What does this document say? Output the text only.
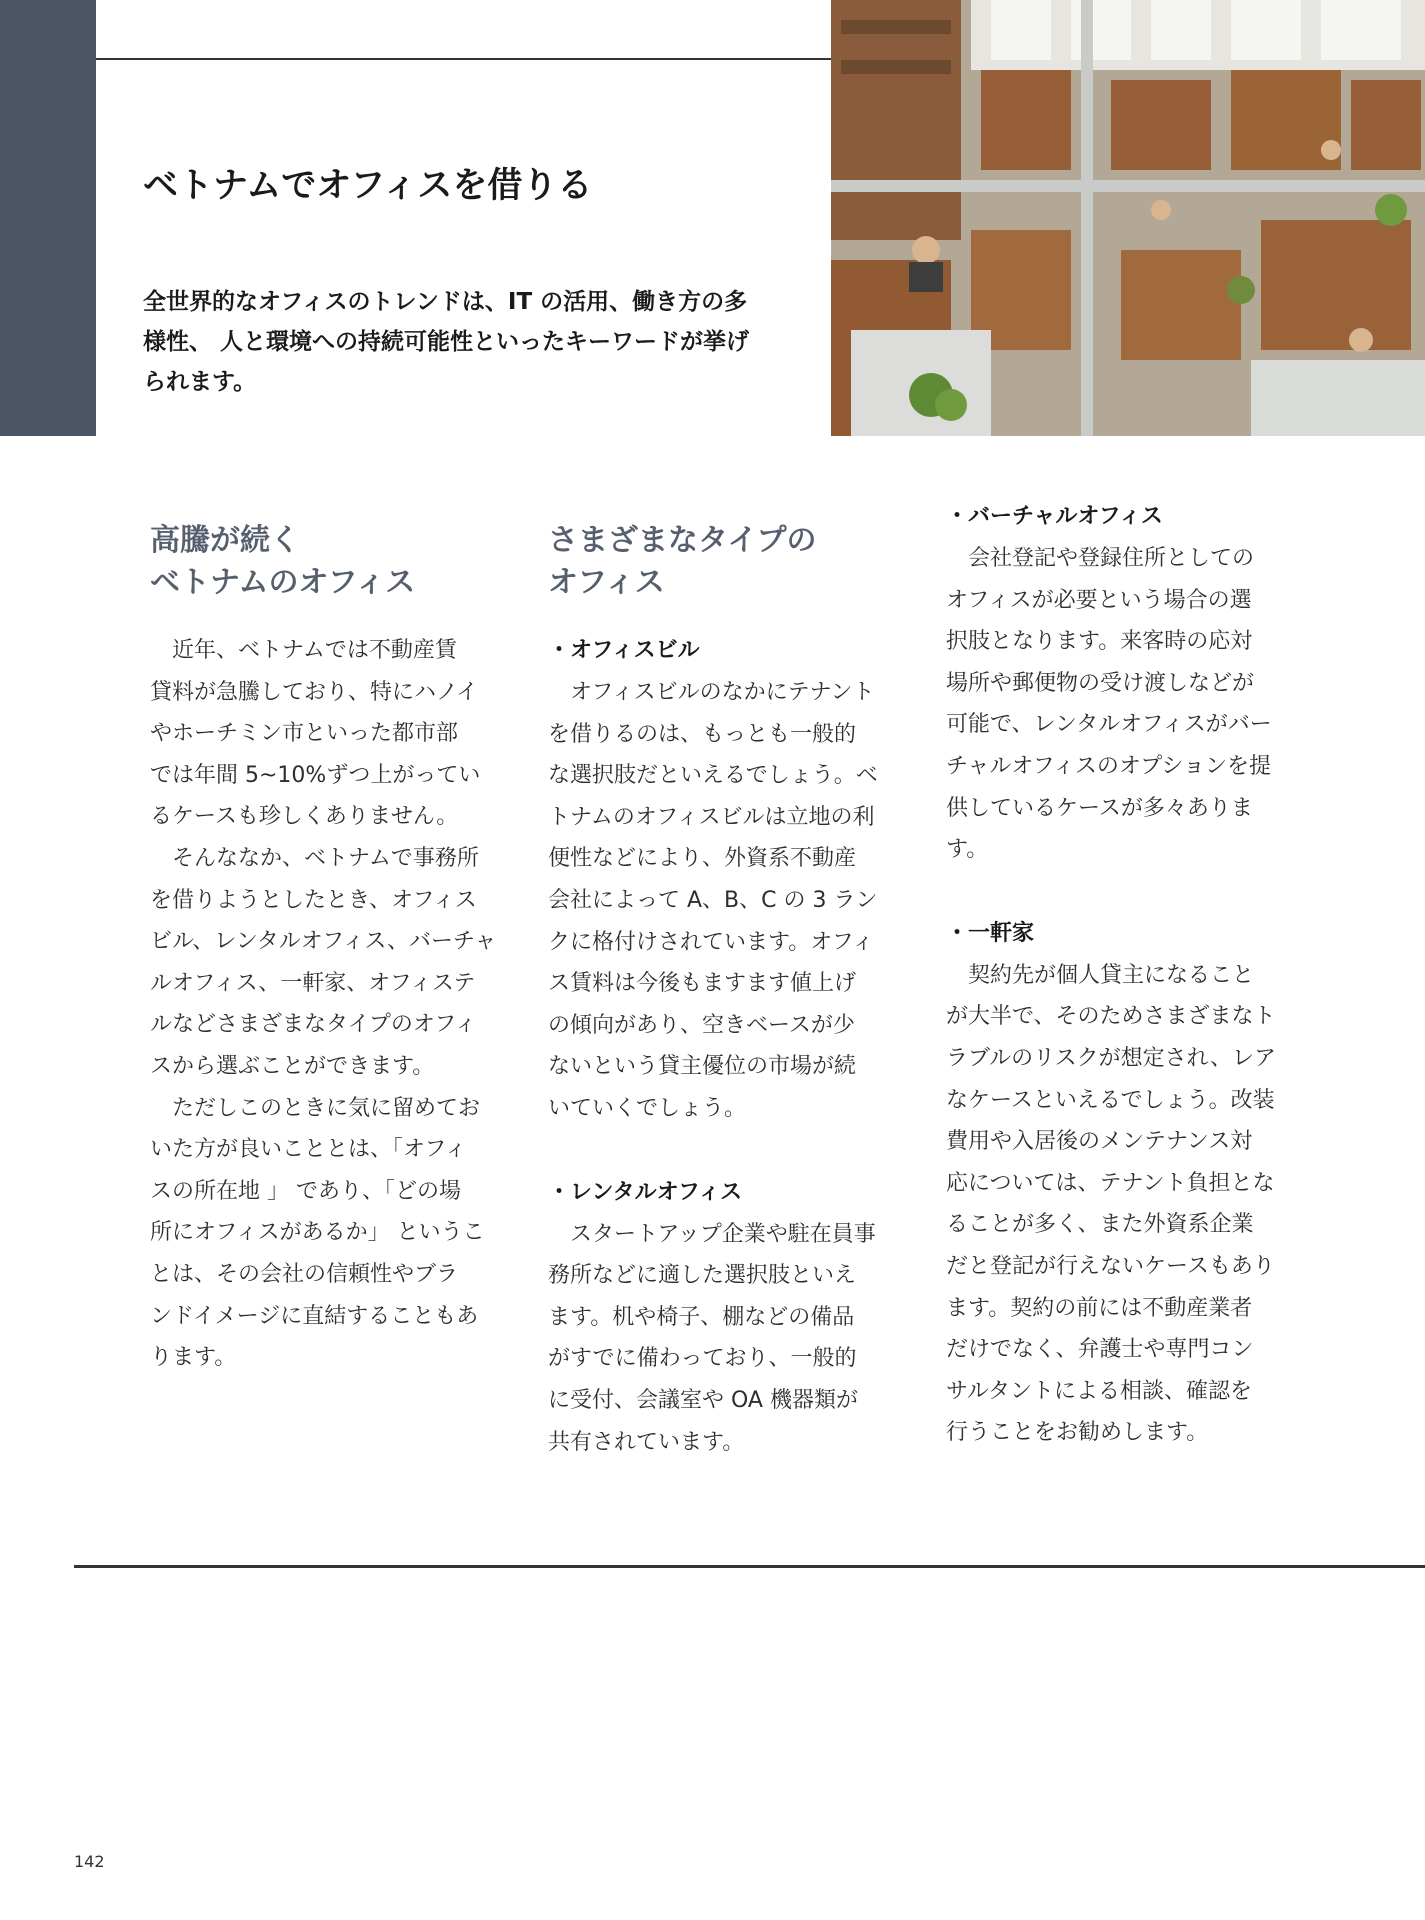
ベトナムでオフィスを借りる

全世界的なオフィスのトレンドは、IT の活用、働き方の多
様性、 人と環境への持続可能性といったキーワードが挙げ
られます。

高騰が続く
ベトナムのオフィス

　近年、ベトナムでは不動産賃
貸料が急騰しており、特にハノイ
やホーチミン市といった都市部
では年間 5~10%ずつ上がってい
るケースも珍しくありません。
　そんななか、ベトナムで事務所
を借りようとしたとき、オフィス
ビル、レンタルオフィス、バーチャ
ルオフィス、一軒家、オフィステ
ルなどさまざまなタイプのオフィ
スから選ぶことができます。
　ただしこのときに気に留めてお
いた方が良いこととは、「オフィ
スの所在地 」 であり、「どの場
所にオフィスがあるか」 というこ
とは、その会社の信頼性やブラ
ンドイメージに直結することもあ
ります。

さまざまなタイプの
オフィス
・オフィスビル

　オフィスビルのなかにテナント
を借りるのは、もっとも一般的
な選択肢だといえるでしょう。ベ
トナムのオフィスビルは立地の利
便性などにより、外資系不動産
会社によって A、B、C の 3 ラン
クに格付けされています。オフィ
ス賃料は今後もますます値上げ
の傾向があり、空きベースが少
ないという貸主優位の市場が続
いていくでしょう。

・レンタルオフィス

　スタートアップ企業や駐在員事
務所などに適した選択肢といえ
ます。机や椅子、棚などの備品
がすでに備わっており、一般的
に受付、会議室や OA 機器類が
共有されています。

・バーチャルオフィス

　会社登記や登録住所としての
オフィスが必要という場合の選
択肢となります。来客時の応対
場所や郵便物の受け渡しなどが
可能で、レンタルオフィスがバー
チャルオフィスのオプションを提
供しているケースが多々ありま
す。

・一軒家

　契約先が個人貸主になること
が大半で、そのためさまざまなト
ラブルのリスクが想定され、レア
なケースといえるでしょう。改装
費用や入居後のメンテナンス対
応については、テナント負担とな
ることが多く、また外資系企業
だと登記が行えないケースもあり
ます。契約の前には不動産業者
だけでなく、弁護士や専門コン
サルタントによる相談、確認を
行うことをお勧めします。

142
